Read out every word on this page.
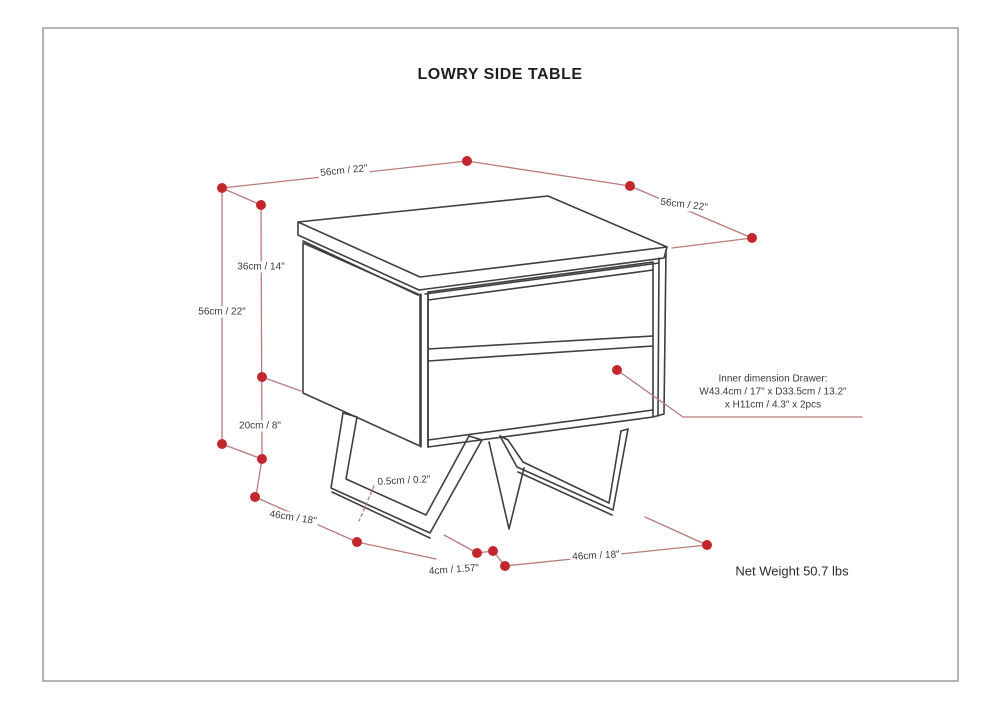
LOWRY SIDE TABLE
56cm / 22"
56cm / 22"
56cm / 22"
36cm / 14"
20cm / 8"
0.5cm / 0.2"
46cm / 18"
4cm / 1.57"
46cm / 18"
Inner dimension Drawer:
W43.4cm / 17" x D33.5cm / 13.2"
x H11cm / 4.3" x 2pcs
Net Weight 50.7 lbs
